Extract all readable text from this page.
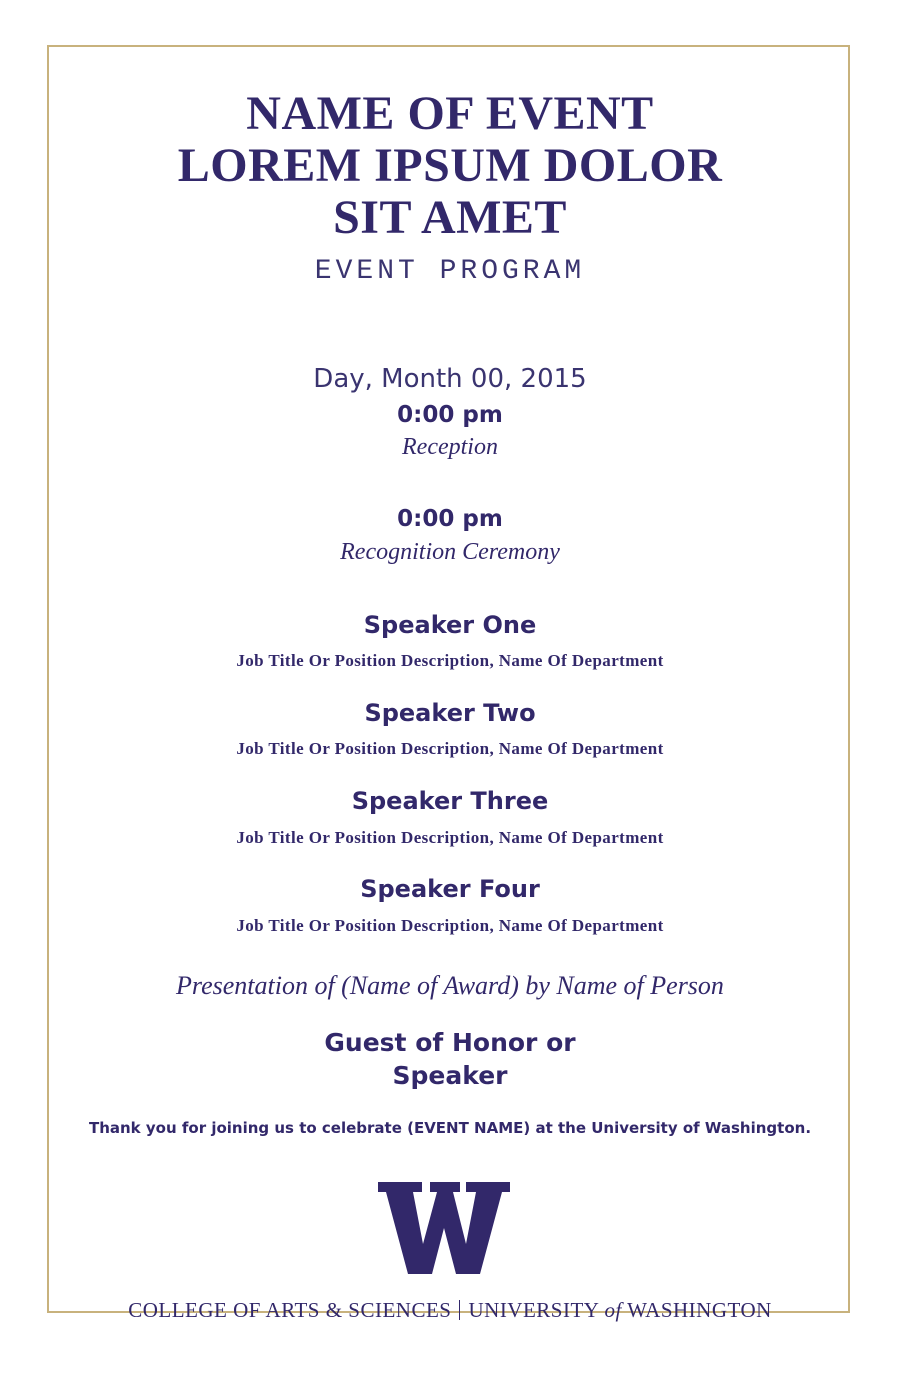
NAME OF EVENT
LOREM IPSUM DOLOR
SIT AMET
EVENT PROGRAM
Day, Month 00, 2015
0:00 pm
Reception
0:00 pm
Recognition Ceremony
Speaker One
Job Title Or Position Description, Name Of Department
Speaker Two
Job Title Or Position Description, Name Of Department
Speaker Three
Job Title Or Position Description, Name Of Department
Speaker Four
Job Title Or Position Description, Name Of Department
Presentation of (Name of Award) by Name of Person
Guest of Honor or
Speaker
Thank you for joining us to celebrate (EVENT NAME) at the University of Washington.
COLLEGE OF ARTS & SCIENCES UNIVERSITY of WASHINGTON
